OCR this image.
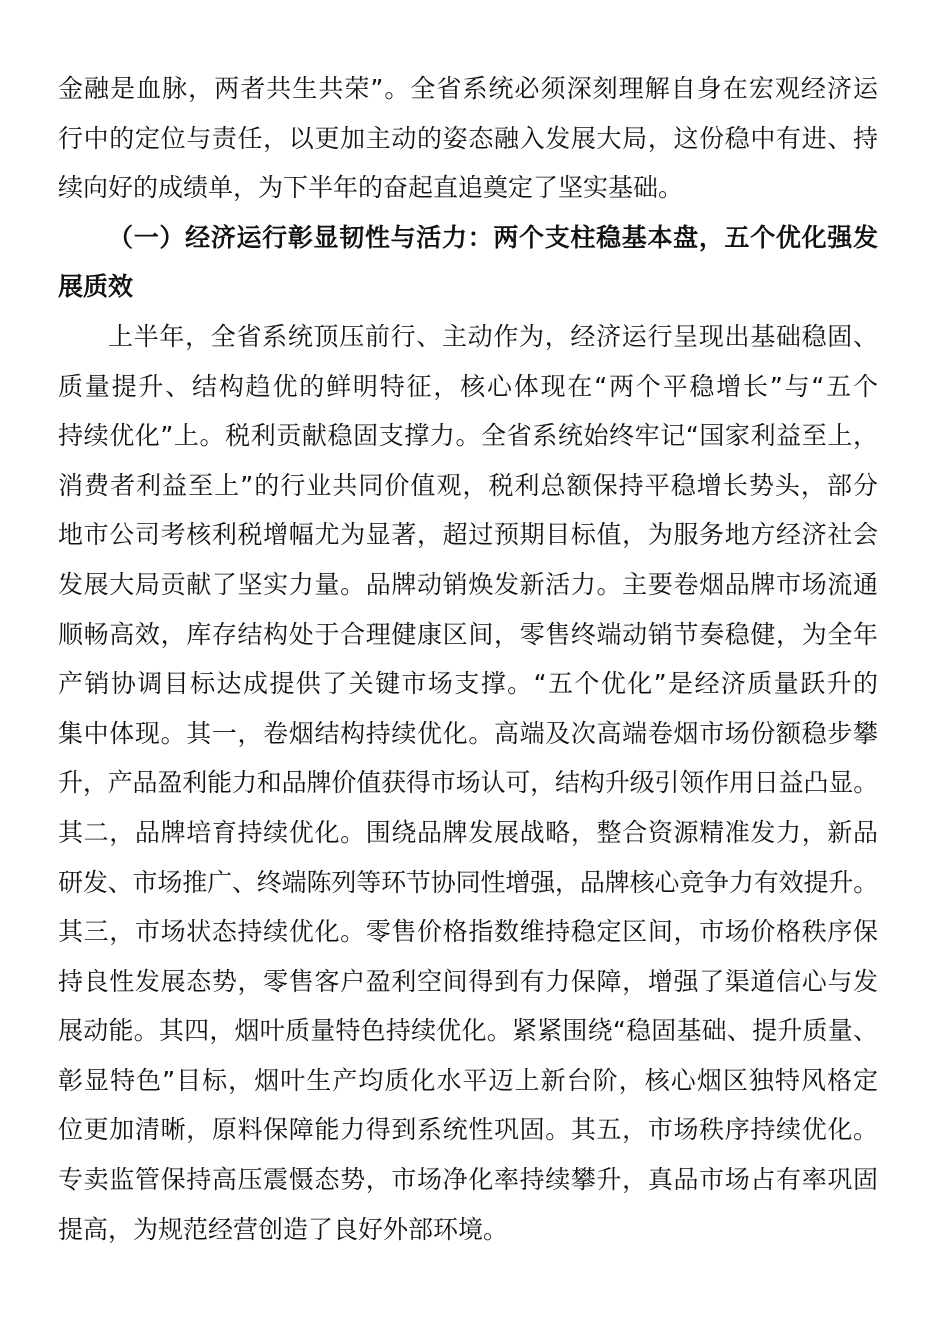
金融是血脉，两者共生共荣”。全省系统必须深刻理解自身在宏观经济运
行中的定位与责任，以更加主动的姿态融入发展大局，这份稳中有进、持
续向好的成绩单，为下半年的奋起直追奠定了坚实基础。

（一）经济运行彰显韧性与活力：两个支柱稳基本盘，五个优化强发
展质效

上半年，全省系统顶压前行、主动作为，经济运行呈现出基础稳固、
质量提升、结构趋优的鲜明特征，核心体现在“两个平稳增长”与“五个
持续优化”上。税利贡献稳固支撑力。全省系统始终牢记“国家利益至上，
消费者利益至上”的行业共同价值观，税利总额保持平稳增长势头，部分
地市公司考核利税增幅尤为显著，超过预期目标值，为服务地方经济社会
发展大局贡献了坚实力量。品牌动销焕发新活力。主要卷烟品牌市场流通
顺畅高效，库存结构处于合理健康区间，零售终端动销节奏稳健，为全年
产销协调目标达成提供了关键市场支撑。“五个优化”是经济质量跃升的
集中体现。其一，卷烟结构持续优化。高端及次高端卷烟市场份额稳步攀
升，产品盈利能力和品牌价值获得市场认可，结构升级引领作用日益凸显。
其二，品牌培育持续优化。围绕品牌发展战略，整合资源精准发力，新品
研发、市场推广、终端陈列等环节协同性增强，品牌核心竞争力有效提升。
其三，市场状态持续优化。零售价格指数维持稳定区间，市场价格秩序保
持良性发展态势，零售客户盈利空间得到有力保障，增强了渠道信心与发
展动能。其四，烟叶质量特色持续优化。紧紧围绕“稳固基础、提升质量、
彰显特色”目标，烟叶生产均质化水平迈上新台阶，核心烟区独特风格定
位更加清晰，原料保障能力得到系统性巩固。其五，市场秩序持续优化。
专卖监管保持高压震慑态势，市场净化率持续攀升，真品市场占有率巩固
提高，为规范经营创造了良好外部环境。
